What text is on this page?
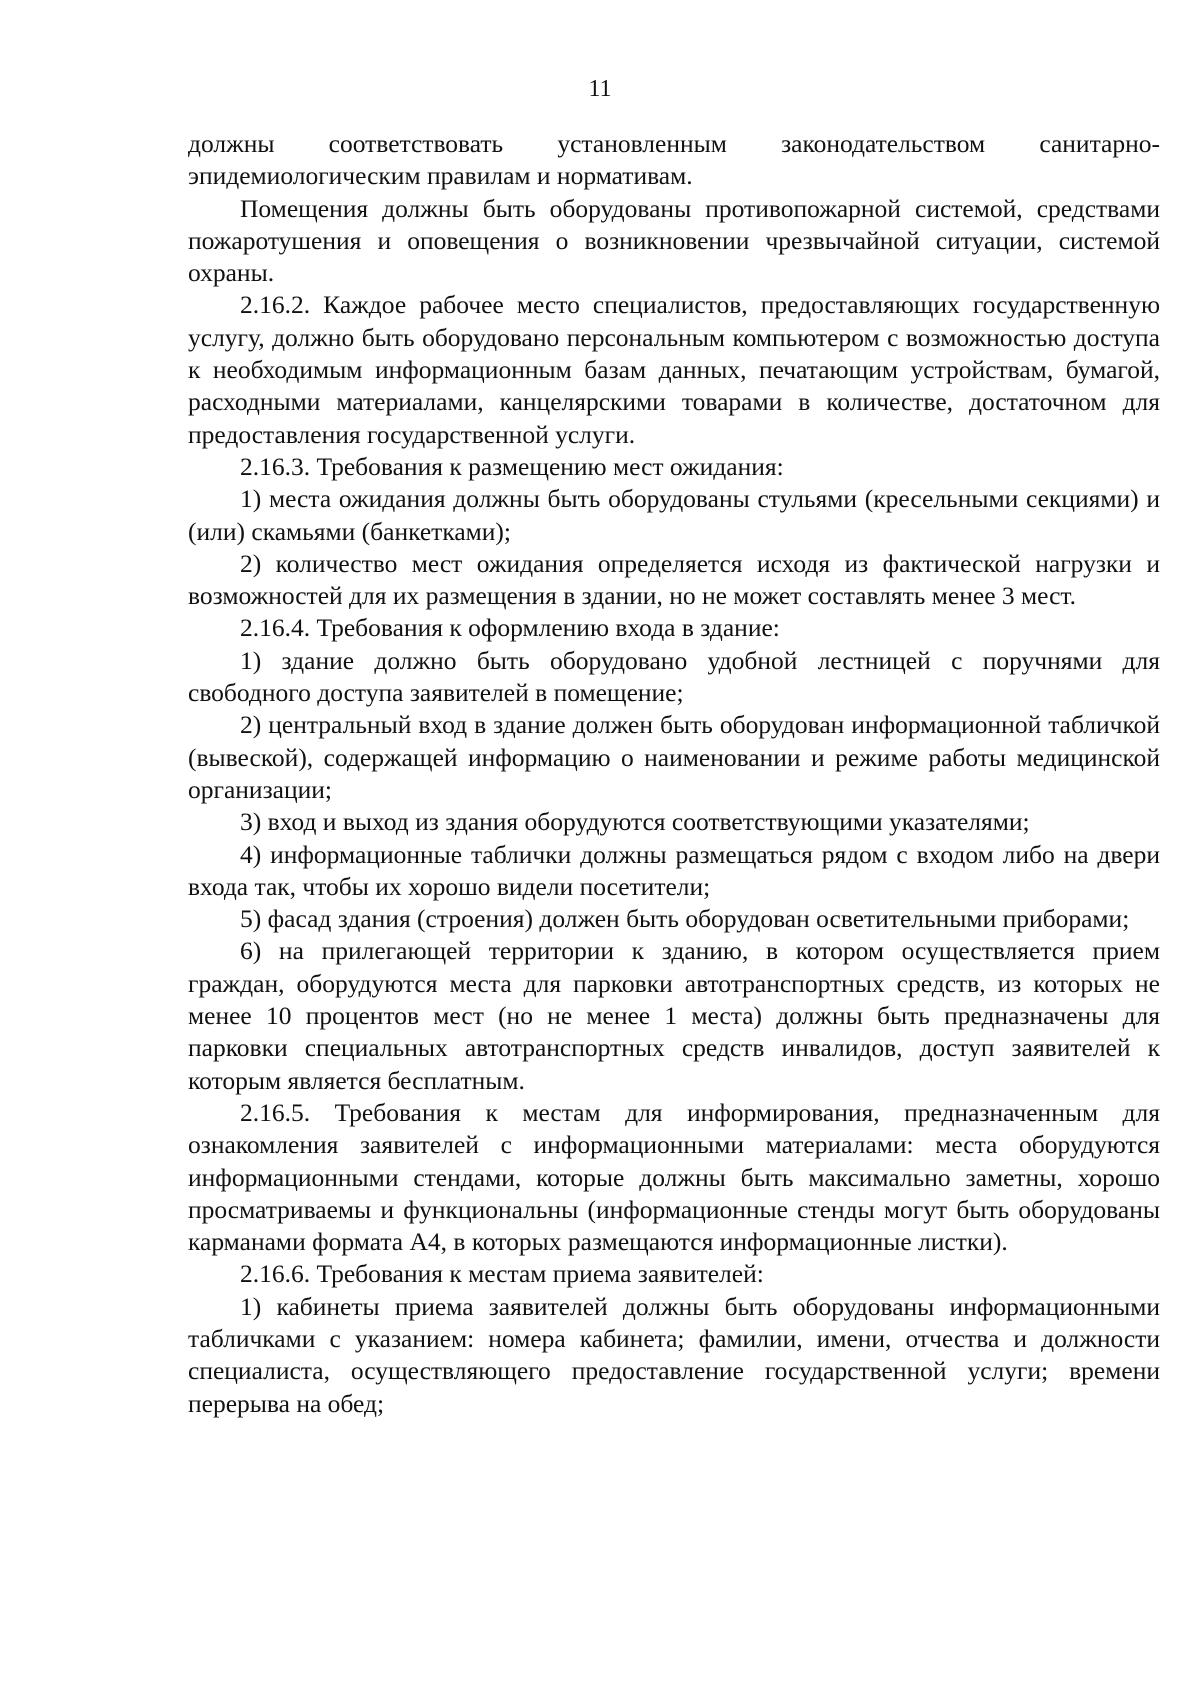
11

должны соответствовать установленным законодательством санитарно-эпидемиологическим правилам и нормативам.

Помещения должны быть оборудованы противопожарной системой, средствами пожаротушения и оповещения о возникновении чрезвычайной ситуации, системой охраны.

2.16.2. Каждое рабочее место специалистов, предоставляющих государственную услугу, должно быть оборудовано персональным компьютером с возможностью доступа к необходимым информационным базам данных, печатающим устройствам, бумагой, расходными материалами, канцелярскими товарами в количестве, достаточном для предоставления государственной услуги.

2.16.3. Требования к размещению мест ожидания:

1) места ожидания должны быть оборудованы стульями (кресельными секциями) и (или) скамьями (банкетками);

2) количество мест ожидания определяется исходя из фактической нагрузки и возможностей для их размещения в здании, но не может составлять менее 3 мест.

2.16.4. Требования к оформлению входа в здание:

1) здание должно быть оборудовано удобной лестницей с поручнями для свободного доступа заявителей в помещение;

2) центральный вход в здание должен быть оборудован информационной табличкой (вывеской), содержащей информацию о наименовании и режиме работы медицинской организации;

3) вход и выход из здания оборудуются соответствующими указателями;

4) информационные таблички должны размещаться рядом с входом либо на двери входа так, чтобы их хорошо видели посетители;

5) фасад здания (строения) должен быть оборудован осветительными приборами;

6) на прилегающей территории к зданию, в котором осуществляется прием граждан, оборудуются места для парковки автотранспортных средств, из которых не менее 10 процентов мест (но не менее 1 места) должны быть предназначены для парковки специальных автотранспортных средств инвалидов, доступ заявителей к которым является бесплатным.

2.16.5. Требования к местам для информирования, предназначенным для ознакомления заявителей с информационными материалами: места оборудуются информационными стендами, которые должны быть максимально заметны, хорошо просматриваемы и функциональны (информационные стенды могут быть оборудованы карманами формата А4, в которых размещаются информационные листки).

2.16.6. Требования к местам приема заявителей:

1) кабинеты приема заявителей должны быть оборудованы информационными табличками с указанием: номера кабинета; фамилии, имени, отчества и должности специалиста, осуществляющего предоставление государственной услуги; времени перерыва на обед;
